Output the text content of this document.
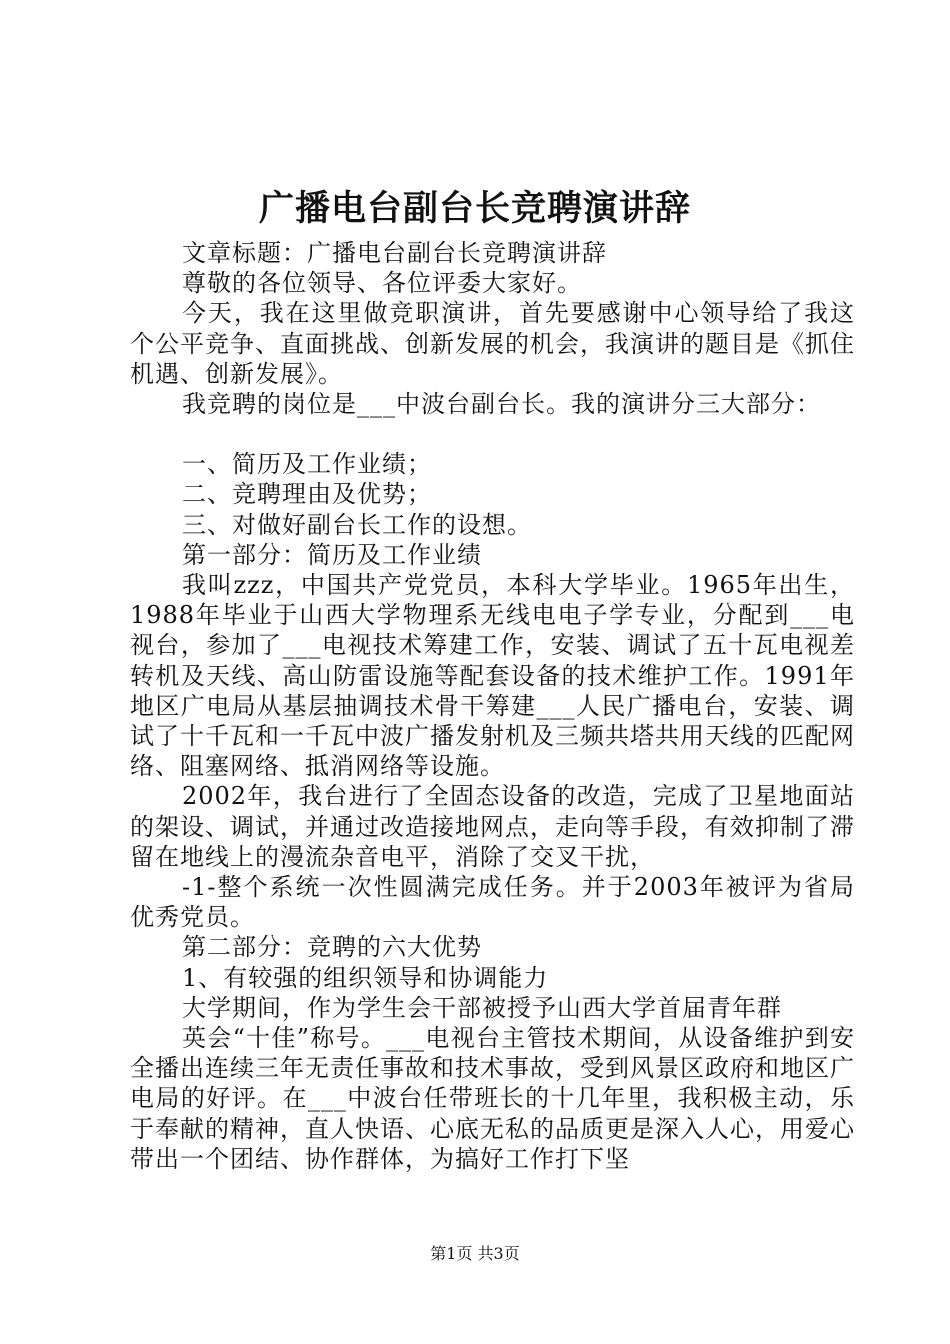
广播电台副台长竞聘演讲辞

文章标题：广播电台副台长竞聘演讲辞

尊敬的各位领导、各位评委大家好。

今天，我在这里做竞职演讲，首先要感谢中心领导给了我这个公平竞争、直面挑战、创新发展的机会，我演讲的题目是《抓住机遇、创新发展》。

我竞聘的岗位是___中波台副台长。我的演讲分三大部分：

一、简历及工作业绩；

二、竞聘理由及优势；

三、对做好副台长工作的设想。

第一部分：简历及工作业绩

我叫zzz，中国共产党党员，本科大学毕业。1965年出生，1988年毕业于山西大学物理系无线电电子学专业，分配到___电视台，参加了___电视技术筹建工作，安装、调试了五十瓦电视差转机及天线、高山防雷设施等配套设备的技术维护工作。1991年地区广电局从基层抽调技术骨干筹建___人民广播电台，安装、调试了十千瓦和一千瓦中波广播发射机及三频共塔共用天线的匹配网络、阻塞网络、抵消网络等设施。

2002年，我台进行了全固态设备的改造，完成了卫星地面站的架设、调试，并通过改造接地网点，走向等手段，有效抑制了滞留在地线上的漫流杂音电平，消除了交叉干扰，

-1-整个系统一次性圆满完成任务。并于2003年被评为省局优秀党员。

第二部分：竞聘的六大优势

1、有较强的组织领导和协调能力

大学期间，作为学生会干部被授予山西大学首届青年群

英会“十佳”称号。___电视台主管技术期间，从设备维护到安全播出连续三年无责任事故和技术事故，受到风景区政府和地区广电局的好评。在___中波台任带班长的十几年里，我积极主动，乐于奉献的精神，直人快语、心底无私的品质更是深入人心，用爱心带出一个团结、协作群体，为搞好工作打下坚

第1页 共3页
